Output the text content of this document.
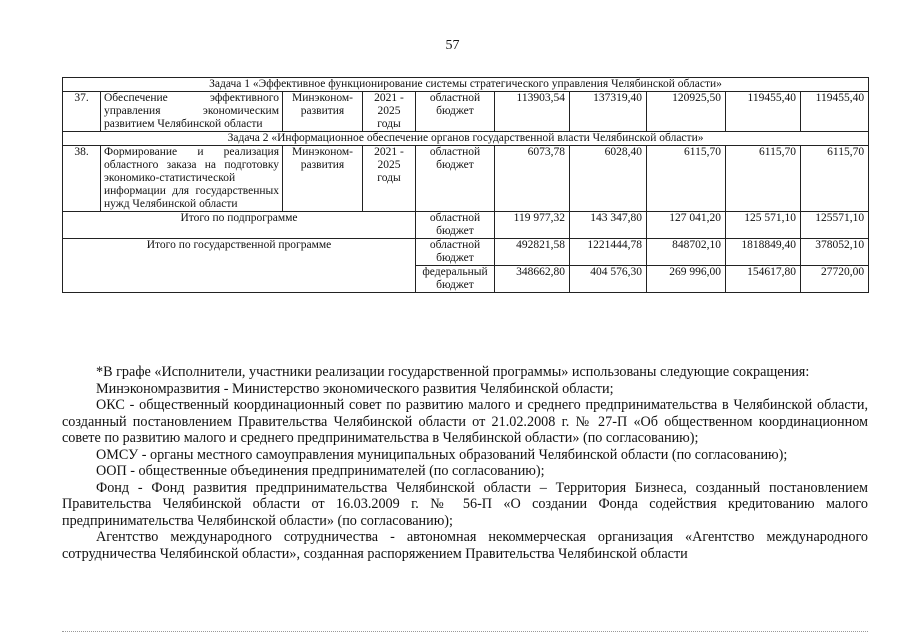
57
Задача 1 «Эффективное функционирование системы стратегического управления Челябинской области»									
37.	Обеспечение эффективного управления экономическим развитием Челябинской области	Минэконом-развития	2021 - 2025 годы	областной бюджет	113903,54	137319,40	120925,50	119455,40	119455,40
Задача 2 «Информационное обеспечение органов государственной власти Челябинской области»									
38.	Формирование и реализация областного заказа на подготовку экономико-статистической информации для государственных нужд Челябинской области	Минэконом-развития	2021 - 2025 годы	областной бюджет	6073,78	6028,40	6115,70	6115,70	6115,70
Итого по подпрограмме				областной бюджет	119 977,32	143 347,80	127 041,20	125 571,10	125571,10
Итого по государственной программе				областной бюджет	492821,58	1221444,78	848702,10	1818849,40	378052,10
				федеральный бюджет	348662,80	404 576,30	269 996,00	154617,80	27720,00

*В графе «Исполнители, участники реализации государственной программы» использованы следующие сокращения:

Минэкономразвития - Министерство экономического развития Челябинской области;

ОКС - общественный координационный совет по развитию малого и среднего предпринимательства в Челябинской области, созданный постановлением Правительства Челябинской области от 21.02.2008 г. № 27-П «Об общественном координационном совете по развитию малого и среднего предпринимательства в Челябинской области» (по согласованию);

ОМСУ - органы местного самоуправления муниципальных образований Челябинской области (по согласованию);

ООП - общественные объединения предпринимателей (по согласованию);

Фонд - Фонд развития предпринимательства Челябинской области – Территория Бизнеса, созданный постановлением Правительства Челябинской области от 16.03.2009 г. № 56-П «О создании Фонда содействия кредитованию малого предпринимательства Челябинской области» (по согласованию);

Агентство международного сотрудничества - автономная некоммерческая организация «Агентство международного сотрудничества Челябинской области», созданная распоряжением Правительства Челябинской области
